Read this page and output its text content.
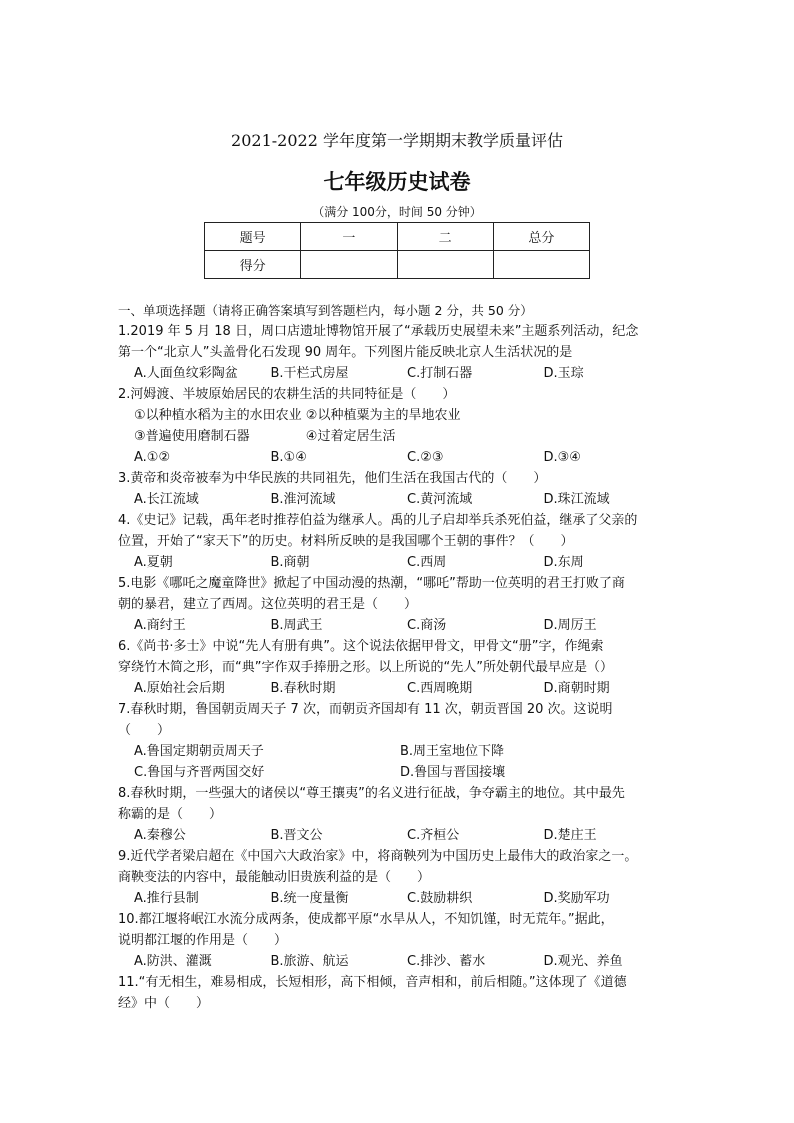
2021-2022 学年度第一学期期末教学质量评估
七年级历史试卷
（满分 100分，时间 50 分钟）
题号	一	二	总分
得分			
一、单项选择题（请将正确答案填写到答题栏内，每小题 2 分，共 50 分）
1.2019 年 5 月 18 日，周口店遗址博物馆开展了“承载历史展望未来”主题系列活动，纪念
第一个“北京人”头盖骨化石发现 90 周年。下列图片能反映北京人生活状况的是
A.人面鱼纹彩陶盆	B.干栏式房屋	C.打制石器	D.玉琮
2.河姆渡、半坡原始居民的农耕生活的共同特征是（　　）
①以种植水稻为主的水田农业 ②以种植粟为主的旱地农业
③普遍使用磨制石器　　　　 ④过着定居生活
A.①②	B.①④	C.②③	D.③④
3.黄帝和炎帝被奉为中华民族的共同祖先，他们生活在我国古代的（　　）
A.长江流域	B.淮河流域	C.黄河流域	D.珠江流域
4.《史记》记载，禹年老时推荐伯益为继承人。禹的儿子启却举兵杀死伯益，继承了父亲的
位置，开始了“家天下”的历史。材料所反映的是我国哪个王朝的事件？（　　）
A.夏朝	B.商朝	C.西周	D.东周
5.电影《哪吒之魔童降世》掀起了中国动漫的热潮，“哪吒”帮助一位英明的君王打败了商
朝的暴君，建立了西周。这位英明的君王是（　　）
A.商纣王	B.周武王	C.商汤	D.周厉王
6.《尚书·多士》中说“先人有册有典”。这个说法依据甲骨文，甲骨文“册”字，作绳索
穿绕竹木简之形，而“典”字作双手捧册之形。以上所说的“先人”所处朝代最早应是（）
A.原始社会后期	B.春秋时期	C.西周晚期	D.商朝时期
7.春秋时期，鲁国朝贡周天子 7 次，而朝贡齐国却有 11 次，朝贡晋国 20 次。这说明
（　　）
A.鲁国定期朝贡周天子	B.周王室地位下降
C.鲁国与齐晋两国交好	D.鲁国与晋国接壤
8.春秋时期，一些强大的诸侯以“尊王攘夷”的名义进行征战，争夺霸主的地位。其中最先
称霸的是（　　）
A.秦穆公	B.晋文公	C.齐桓公	D.楚庄王
9.近代学者梁启超在《中国六大政治家》中，将商鞅列为中国历史上最伟大的政治家之一。
商鞅变法的内容中，最能触动旧贵族利益的是（　　）
A.推行县制	B.统一度量衡	C.鼓励耕织	D.奖励军功
10.都江堰将岷江水流分成两条，使成都平原“水旱从人，不知饥馑，时无荒年。”据此，
说明都江堰的作用是（　　）
A.防洪、灌溉	B.旅游、航运	C.排沙、蓄水	D.观光、养鱼
11.“有无相生，难易相成，长短相形，高下相倾，音声相和，前后相随。”这体现了《道德
经》中（　　）
